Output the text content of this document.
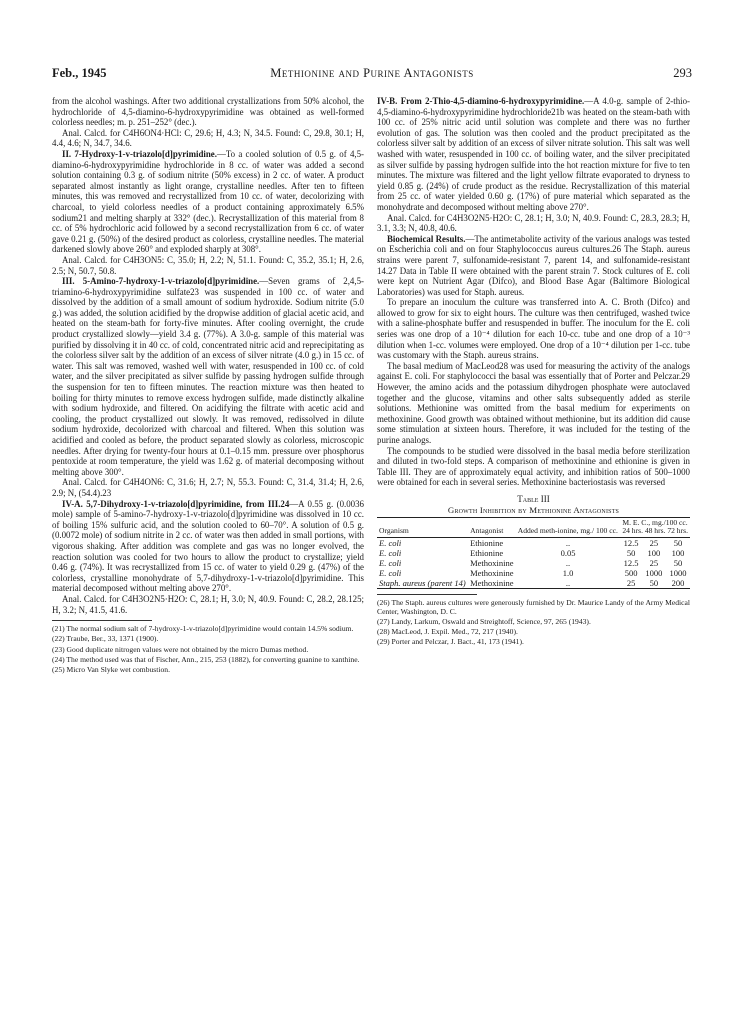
Feb., 1945	Methionine and Purine Antagonists	293

from the alcohol washings. After two additional crystallizations from 50% alcohol, the hydrochloride of 4,5-diamino-6-hydroxypyrimidine was obtained as well-formed colorless needles; m. p. 251–252° (dec.).

Anal. Calcd. for C4H6ON4·HCl: C, 29.6; H, 4.3; N, 34.5. Found: C, 29.8, 30.1; H, 4.4, 4.6; N, 34.7, 34.6.

II. 7-Hydroxy-1-v-triazolo[d]pyrimidine.—To a cooled solution of 0.5 g. of 4,5-diamino-6-hydroxypyrimidine hydrochloride in 8 cc. of water was added a second solution containing 0.3 g. of sodium nitrite (50% excess) in 2 cc. of water. A product separated almost instantly as light orange, crystalline needles. After ten to fifteen minutes, this was removed and recrystallized from 10 cc. of water, decolorizing with charcoal, to yield colorless needles of a product containing approximately 6.5% sodium21 and melting sharply at 332° (dec.). Recrystallization of this material from 8 cc. of 5% hydrochloric acid followed by a second recrystallization from 6 cc. of water gave 0.21 g. (50%) of the desired product as colorless, crystalline needles. The material darkened slowly above 260° and exploded sharply at 308°.

Anal. Calcd. for C4H3ON5: C, 35.0; H, 2.2; N, 51.1. Found: C, 35.2, 35.1; H, 2.6, 2.5; N, 50.7, 50.8.

III. 5-Amino-7-hydroxy-1-v-triazolo[d]pyrimidine.—Seven grams of 2,4,5-triamino-6-hydroxypyrimidine sulfate23 was suspended in 100 cc. of water and dissolved by the addition of a small amount of sodium hydroxide. Sodium nitrite (5.0 g.) was added, the solution acidified by the dropwise addition of glacial acetic acid, and heated on the steam-bath for forty-five minutes. After cooling overnight, the crude product crystallized slowly—yield 3.4 g. (77%). A 3.0-g. sample of this material was purified by dissolving it in 40 cc. of cold, concentrated nitric acid and reprecipitating as the colorless silver salt by the addition of an excess of silver nitrate (4.0 g.) in 15 cc. of water. This salt was removed, washed well with water, resuspended in 100 cc. of cold water, and the silver precipitated as silver sulfide by passing hydrogen sulfide through the suspension for ten to fifteen minutes. The reaction mixture was then heated to boiling for thirty minutes to remove excess hydrogen sulfide, made distinctly alkaline with sodium hydroxide, and filtered. On acidifying the filtrate with acetic acid and cooling, the product crystallized out slowly. It was removed, redissolved in dilute sodium hydroxide, decolorized with charcoal and filtered. When this solution was acidified and cooled as before, the product separated slowly as colorless, microscopic needles. After drying for twenty-four hours at 0.1–0.15 mm. pressure over phosphorus pentoxide at room temperature, the yield was 1.62 g. of material decomposing without melting above 300°.

Anal. Calcd. for C4H4ON6: C, 31.6; H, 2.7; N, 55.3. Found: C, 31.4, 31.4; H, 2.6, 2.9; N, (54.4).23

IV-A. 5,7-Dihydroxy-1-v-triazolo[d]pyrimidine, from III.24—A 0.55 g. (0.0036 mole) sample of 5-amino-7-hydroxy-1-v-triazolo[d]pyrimidine was dissolved in 10 cc. of boiling 15% sulfuric acid, and the solution cooled to 60–70°. A solution of 0.5 g. (0.0072 mole) of sodium nitrite in 2 cc. of water was then added in small portions, with vigorous shaking. After addition was complete and gas was no longer evolved, the reaction solution was cooled for two hours to allow the product to crystallize; yield 0.46 g. (74%). It was recrystallized from 15 cc. of water to yield 0.29 g. (47%) of the colorless, crystalline monohydrate of 5,7-dihydroxy-1-v-triazolo[d]pyrimidine. This material decomposed without melting above 270°.

Anal. Calcd. for C4H3O2N5·H2O: C, 28.1; H, 3.0; N, 40.9. Found: C, 28.2, 28.125; H, 3.2; N, 41.5, 41.6.

(21) The normal sodium salt of 7-hydroxy-1-v-triazolo[d]pyrimidine would contain 14.5% sodium.

(22) Traube, Ber., 33, 1371 (1900).

(23) Good duplicate nitrogen values were not obtained by the micro Dumas method.

(24) The method used was that of Fischer, Ann., 215, 253 (1882), for converting guanine to xanthine.

(25) Micro Van Slyke wet combustion.

IV-B. From 2-Thio-4,5-diamino-6-hydroxypyrimidine.—A 4.0-g. sample of 2-thio-4,5-diamino-6-hydroxypyrimidine hydrochloride21b was heated on the steam-bath with 100 cc. of 25% nitric acid until solution was complete and there was no further evolution of gas. The solution was then cooled and the product precipitated as the colorless silver salt by addition of an excess of silver nitrate solution. This salt was well washed with water, resuspended in 100 cc. of boiling water, and the silver precipitated as silver sulfide by passing hydrogen sulfide into the hot reaction mixture for five to ten minutes. The mixture was filtered and the light yellow filtrate evaporated to dryness to yield 0.85 g. (24%) of crude product as the residue. Recrystallization of this material from 25 cc. of water yielded 0.60 g. (17%) of pure material which separated as the monohydrate and decomposed without melting above 270°.

Anal. Calcd. for C4H3O2N5·H2O: C, 28.1; H, 3.0; N, 40.9. Found: C, 28.3, 28.3; H, 3.1, 3.3; N, 40.8, 40.6.

Biochemical Results.—The antimetabolite activity of the various analogs was tested on Escherichia coli and on four Staphylococcus aureus cultures.26 The Staph. aureus strains were parent 7, sulfonamide-resistant 7, parent 14, and sulfonamide-resistant 14.27 Data in Table II were obtained with the parent strain 7. Stock cultures of E. coli were kept on Nutrient Agar (Difco), and Blood Base Agar (Baltimore Biological Laboratories) was used for Staph. aureus.

To prepare an inoculum the culture was transferred into A. C. Broth (Difco) and allowed to grow for six to eight hours. The culture was then centrifuged, washed twice with a saline-phosphate buffer and resuspended in buffer. The inoculum for the E. coli series was one drop of a 10⁻⁴ dilution for each 10-cc. tube and one drop of a 10⁻³ dilution when 1-cc. volumes were employed. One drop of a 10⁻⁴ dilution per 1-cc. tube was customary with the Staph. aureus strains.

The basal medium of MacLeod28 was used for measuring the activity of the analogs against E. coli. For staphylococci the basal was essentially that of Porter and Pelczar.29 However, the amino acids and the potassium dihydrogen phosphate were autoclaved together and the glucose, vitamins and other salts subsequently added as sterile solutions. Methionine was omitted from the basal medium for experiments on methoxinine. Good growth was obtained without methionine, but its addition did cause some stimulation at sixteen hours. Therefore, it was included for the testing of the purine analogs.

The compounds to be studied were dissolved in the basal media before sterilization and diluted in two-fold steps. A comparison of methoxinine and ethionine is given in Table III. They are of approximately equal activity, and inhibition ratios of 500–1000 were obtained for each in several series. Methoxinine bacteriostasis was reversed

Table III
Growth Inhibition by Methionine Antagonists
Organism	Antagonist	Added meth-ionine, mg./ 100 cc.	M. E. C., mg./100 cc.
24 hrs. 48 hrs. 72 hrs.		

E. coli	Ethionine	..	12.5	25	50
E. coli	Ethionine	0.05	50	100	100
E. coli	Methoxinine	..	12.5	25	50
E. coli	Methoxinine	1.0	500	1000	1000
Staph. aureus (parent 14)	Methoxinine	..	25	50	200

(26) The Staph. aureus cultures were generously furnished by Dr. Maurice Landy of the Army Medical Center, Washington, D. C.

(27) Landy, Larkum, Oswald and Streightoff, Science, 97, 265 (1943).

(28) MacLeod, J. Expil. Med., 72, 217 (1940).

(29) Porter and Pelczar, J. Bact., 41, 173 (1941).
